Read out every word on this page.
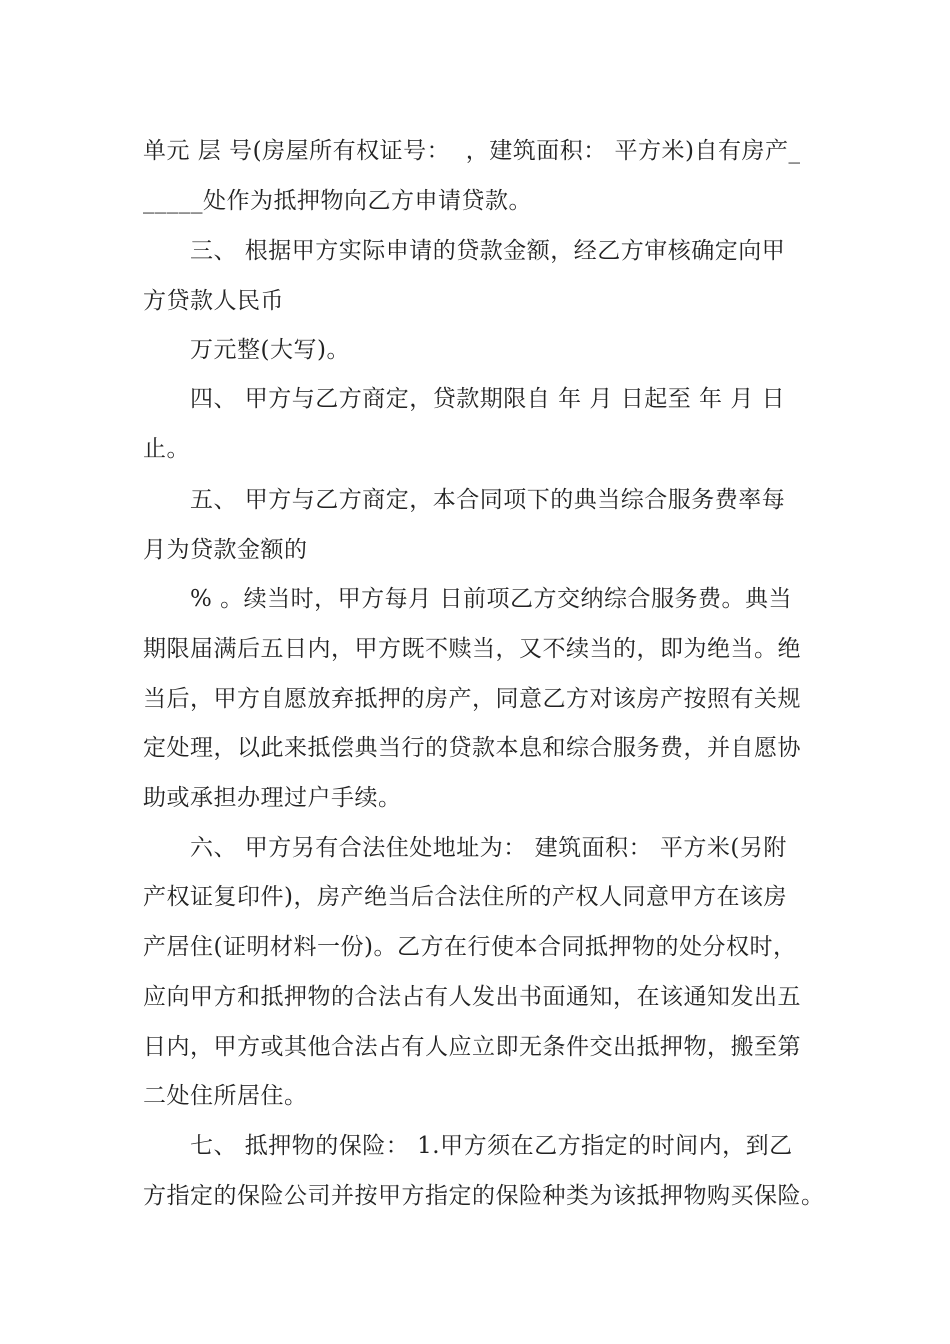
单元 层 号(房屋所有权证号：  ，建筑面积： 平方米)自有房产_
_____处作为抵押物向乙方申请贷款。
三、 根据甲方实际申请的贷款金额，经乙方审核确定向甲
方贷款人民币
万元整(大写)。
四、 甲方与乙方商定，贷款期限自 年 月 日起至 年 月 日
止。
五、 甲方与乙方商定，本合同项下的典当综合服务费率每
月为贷款金额的
% 。续当时，甲方每月 日前项乙方交纳综合服务费。典当
期限届满后五日内，甲方既不赎当，又不续当的，即为绝当。绝
当后，甲方自愿放弃抵押的房产，同意乙方对该房产按照有关规
定处理，以此来抵偿典当行的贷款本息和综合服务费，并自愿协
助或承担办理过户手续。
六、 甲方另有合法住处地址为： 建筑面积： 平方米(另附
产权证复印件)，房产绝当后合法住所的产权人同意甲方在该房
产居住(证明材料一份)。乙方在行使本合同抵押物的处分权时，
应向甲方和抵押物的合法占有人发出书面通知，在该通知发出五
日内，甲方或其他合法占有人应立即无条件交出抵押物，搬至第
二处住所居住。
七、 抵押物的保险： 1.甲方须在乙方指定的时间内，到乙
方指定的保险公司并按甲方指定的保险种类为该抵押物购买保险。
